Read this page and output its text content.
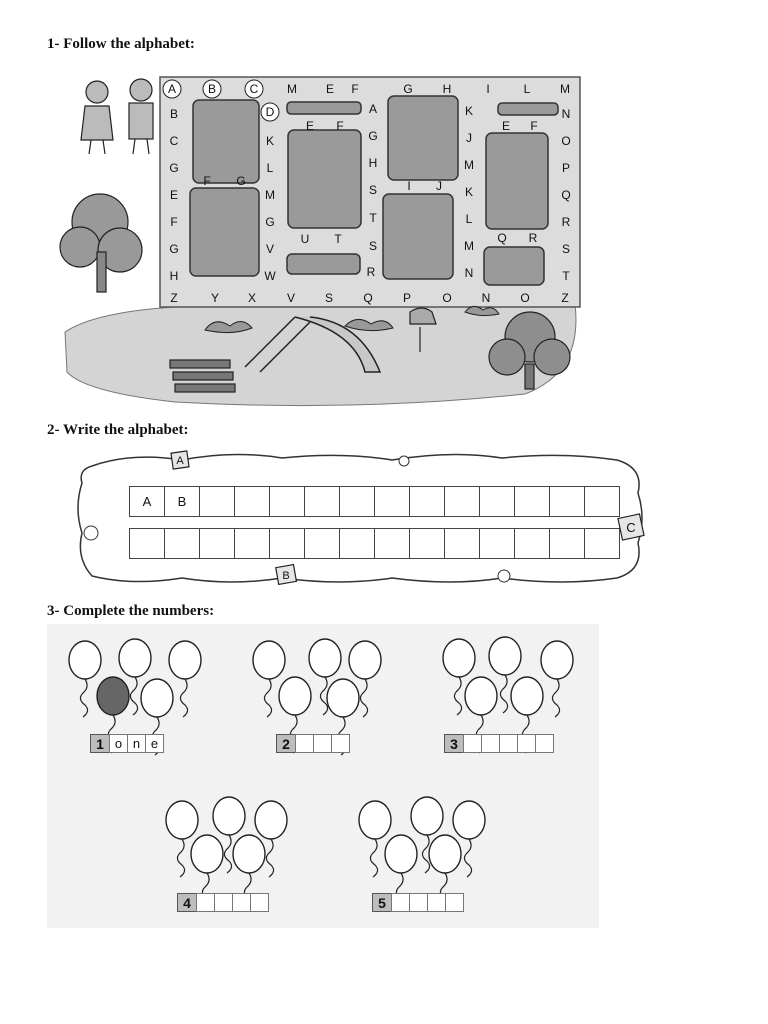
1- Follow the alphabet:
A	B	C M E F	G H	I	L M
B
C
G
E
F
G
H
N
O
P
Q
R
S
T
Z	Y X	V S	Q	P	O N O	Z
D
E F
K
L
M
G
V
W
F G
U T S
R
A
G
H
S
T
I J
K
J
M
K
L
M
N
E F
Q R
2- Write the alphabet:
A
B
C
A	B
3- Complete the numbers:
1 o n e	2	3
4	5
